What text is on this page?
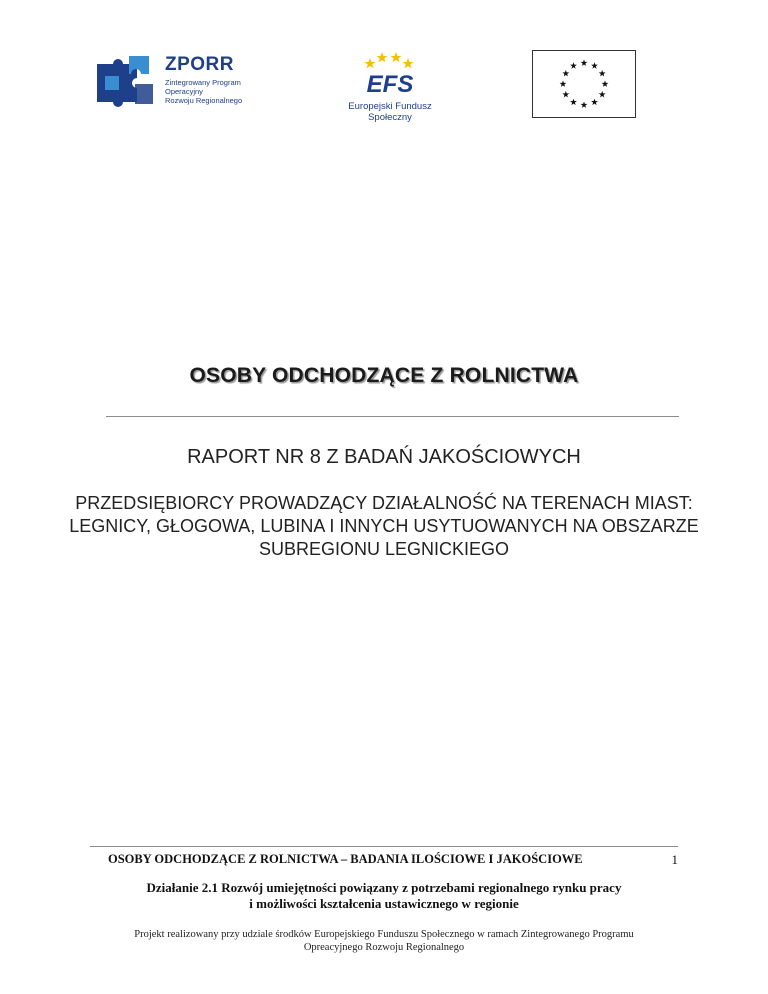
ZPORR
Zintegrowany Program
Operacyjny
Rozwoju Regionalnego
EFS
Europejski Fundusz Społeczny
OSOBY ODCHODZĄCE Z ROLNICTWA
RAPORT NR 8 Z BADAŃ JAKOŚCIOWYCH
PRZEDSIĘBIORCY PROWADZĄCY DZIAŁALNOŚĆ NA TERENACH MIAST: LEGNICY, GŁOGOWA, LUBINA I INNYCH USYTUOWANYCH NA OBSZARZE SUBREGIONU LEGNICKIEGO
OSOBY ODCHODZĄCE Z ROLNICTWA – BADANIA ILOŚCIOWE I JAKOŚCIOWE	1
Działanie 2.1 Rozwój umiejętności powiązany z potrzebami regionalnego rynku pracy
i możliwości kształcenia ustawicznego w regionie
Projekt realizowany przy udziale środków Europejskiego Funduszu Społecznego w ramach Zintegrowanego Programu
Opreacyjnego Rozwoju Regionalnego
